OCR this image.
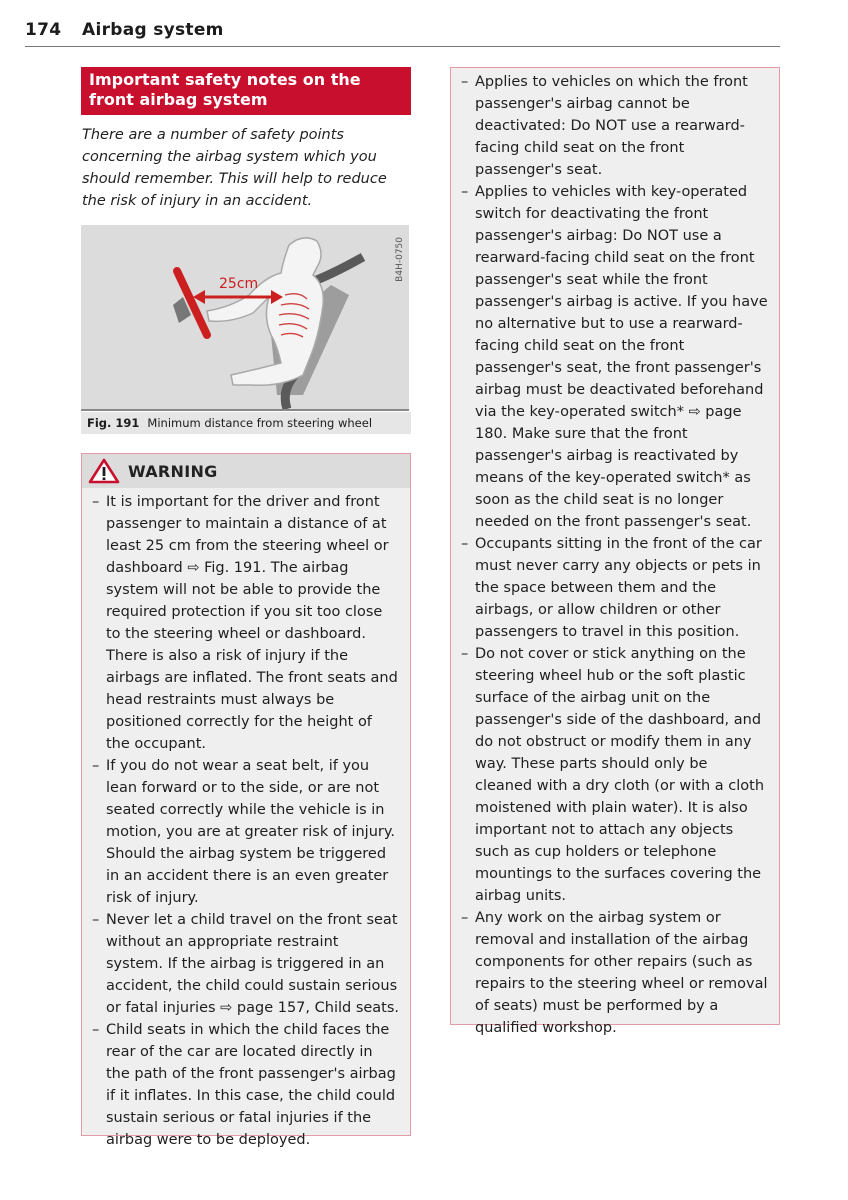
174 Airbag system
Important safety notes on the front airbag system
There are a number of safety points concerning the airbag system which you should remember. This will help to reduce the risk of injury in an accident.
25cm
B4H-0750
Fig. 191 Minimum distance from steering wheel
WARNING
– It is important for the driver and front passenger to maintain a distance of at least 25 cm from the steering wheel or dashboard ⇨ Fig. 191. The airbag system will not be able to provide the required protection if you sit too close to the steering wheel or dashboard. There is also a risk of injury if the airbags are inflated. The front seats and head restraints must always be positioned correctly for the height of the occupant.
– If you do not wear a seat belt, if you lean forward or to the side, or are not seated correctly while the vehicle is in motion, you are at greater risk of injury. Should the airbag system be triggered in an accident there is an even greater risk of injury.
– Never let a child travel on the front seat without an appropriate restraint system. If the airbag is triggered in an accident, the child could sustain serious or fatal injuries ⇨ page 157, Child seats.
– Child seats in which the child faces the rear of the car are located directly in the path of the front passenger's airbag if it inflates. In this case, the child could sustain serious or fatal injuries if the airbag were to be deployed.
– Applies to vehicles on which the front passenger's airbag cannot be deactivated: Do NOT use a rearward-facing child seat on the front passenger's seat.
– Applies to vehicles with key-operated switch for deactivating the front passenger's airbag: Do NOT use a rearward-facing child seat on the front passenger's seat while the front passenger's airbag is active. If you have no alternative but to use a rearward-facing child seat on the front passenger's seat, the front passenger's airbag must be deactivated beforehand via the key-operated switch* ⇨ page 180. Make sure that the front passenger's airbag is reactivated by means of the key-operated switch* as soon as the child seat is no longer needed on the front passenger's seat.
– Occupants sitting in the front of the car must never carry any objects or pets in the space between them and the airbags, or allow children or other passengers to travel in this position.
– Do not cover or stick anything on the steering wheel hub or the soft plastic surface of the airbag unit on the passenger's side of the dashboard, and do not obstruct or modify them in any way. These parts should only be cleaned with a dry cloth (or with a cloth moistened with plain water). It is also important not to attach any objects such as cup holders or telephone mountings to the surfaces covering the airbag units.
– Any work on the airbag system or removal and installation of the airbag components for other repairs (such as repairs to the steering wheel or removal of seats) must be performed by a qualified workshop.
